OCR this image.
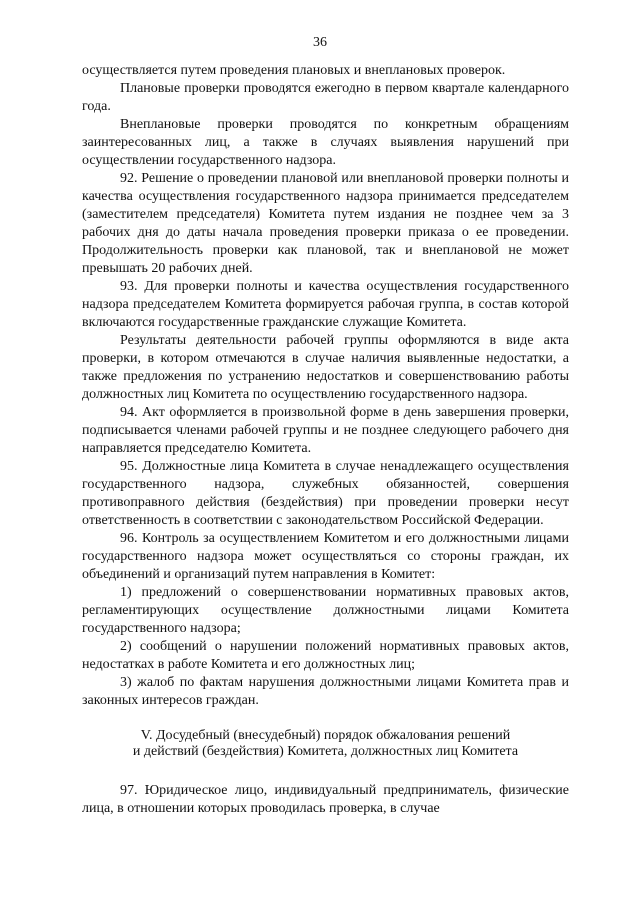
36

осуществляется путем проведения плановых и внеплановых проверок.

Плановые проверки проводятся ежегодно в первом квартале календарного года.

Внеплановые проверки проводятся по конкретным обращениям заинтересованных лиц, а также в случаях выявления нарушений при осуществлении государственного надзора.

92. Решение о проведении плановой или внеплановой проверки полноты и качества осуществления государственного надзора принимается председателем (заместителем председателя) Комитета путем издания не позднее чем за 3 рабочих дня до даты начала проведения проверки приказа о ее проведении. Продолжительность проверки как плановой, так и внеплановой не может превышать 20 рабочих дней.

93. Для проверки полноты и качества осуществления государственного надзора председателем Комитета формируется рабочая группа, в состав которой включаются государственные гражданские служащие Комитета.

Результаты деятельности рабочей группы оформляются в виде акта проверки, в котором отмечаются в случае наличия выявленные недостатки, а также предложения по устранению недостатков и совершенствованию работы должностных лиц Комитета по осуществлению государственного надзора.

94. Акт оформляется в произвольной форме в день завершения проверки, подписывается членами рабочей группы и не позднее следующего рабочего дня направляется председателю Комитета.

95. Должностные лица Комитета в случае ненадлежащего осуществления государственного надзора, служебных обязанностей, совершения противоправного действия (бездействия) при проведении проверки несут ответственность в соответствии с законодательством Российской Федерации.

96. Контроль за осуществлением Комитетом и его должностными лицами государственного надзора может осуществляться со стороны граждан, их объединений и организаций путем направления в Комитет:

1) предложений о совершенствовании нормативных правовых актов, регламентирующих осуществление должностными лицами Комитета государственного надзора;

2) сообщений о нарушении положений нормативных правовых актов, недостатках в работе Комитета и его должностных лиц;

3) жалоб по фактам нарушения должностными лицами Комитета прав и законных интересов граждан.

V. Досудебный (внесудебный) порядок обжалования решений
и действий (бездействия) Комитета, должностных лиц Комитета

97. Юридическое лицо, индивидуальный предприниматель, физические лица, в отношении которых проводилась проверка, в случае
